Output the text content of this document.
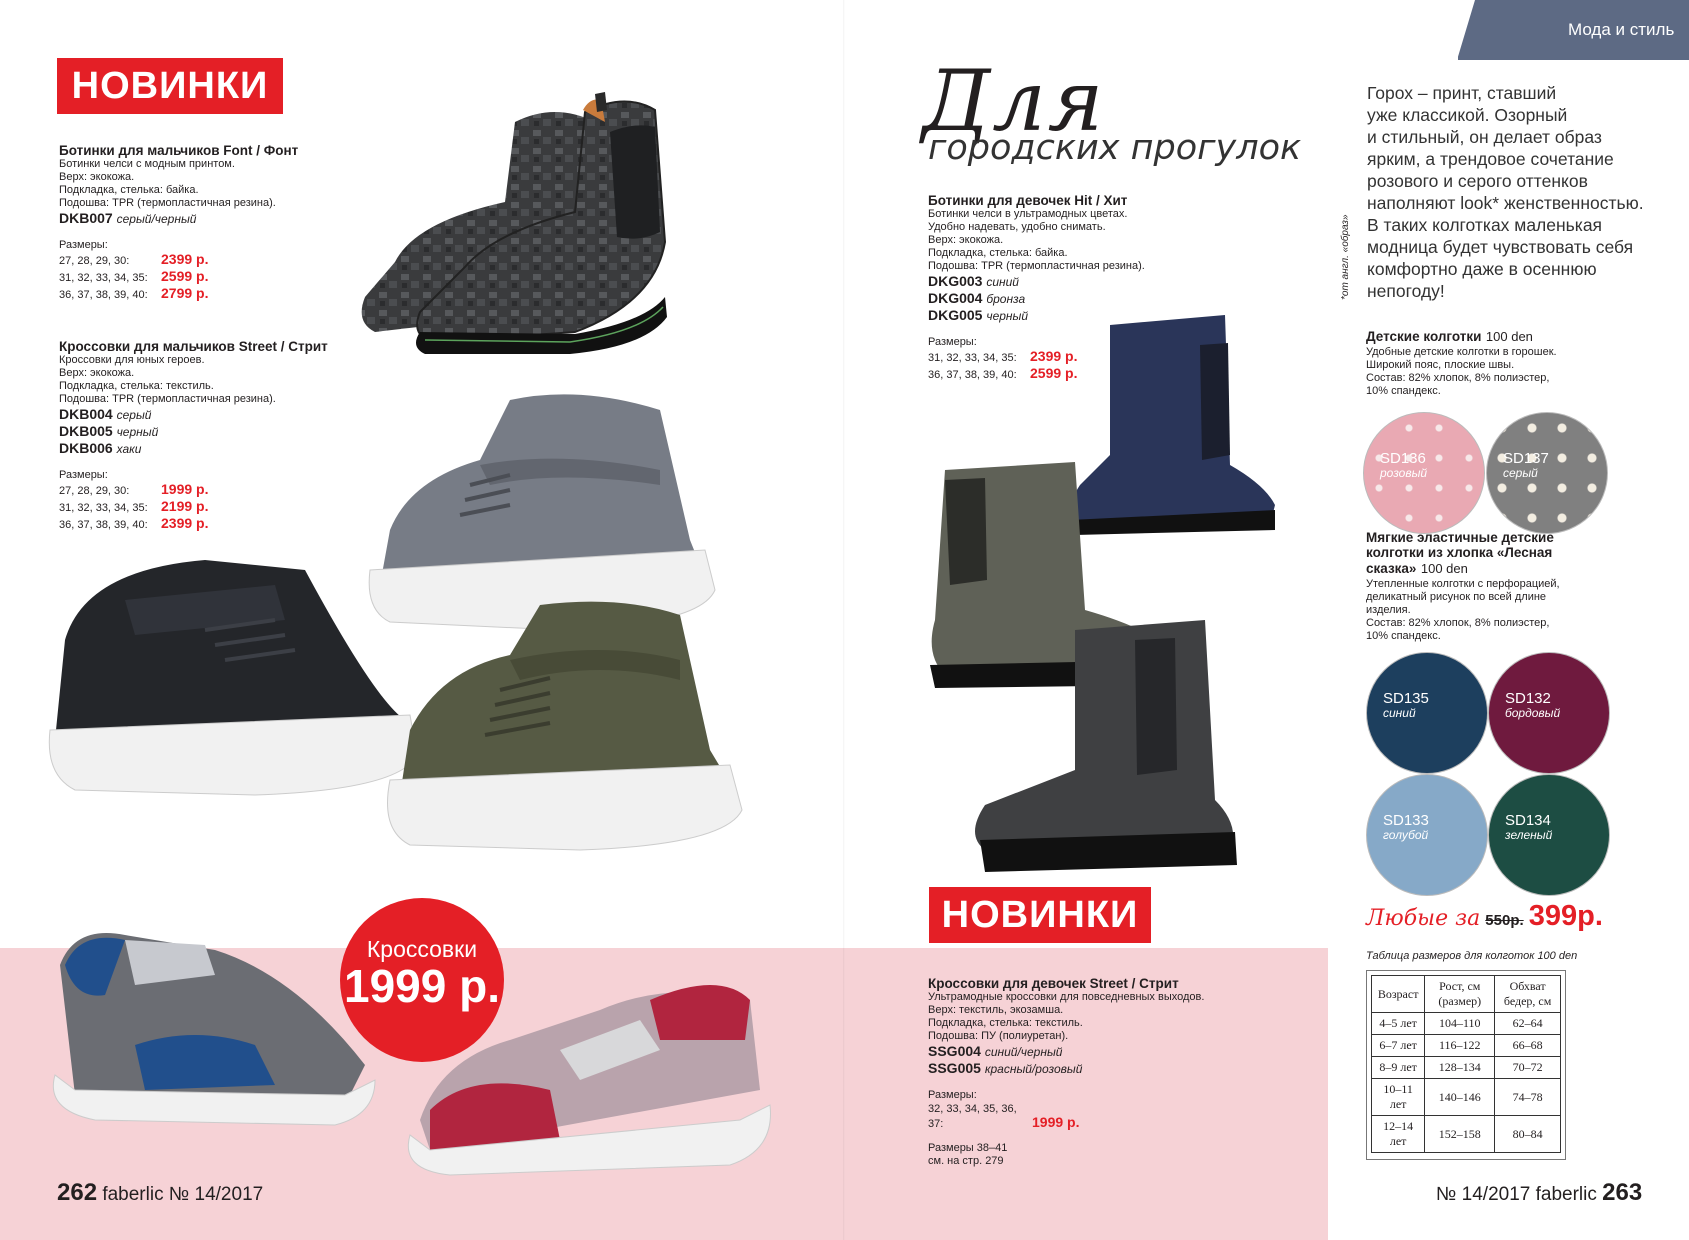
Мода и стиль
НОВИНКИ
Ботинки для мальчиков Font / Фонт
Ботинки челси с модным принтом.
Верх: экокожа.
Подкладка, стелька: байка.
Подошва: TPR (термопластичная резина).
DKB007 серый/черный
Размеры:
27, 28, 29, 30: 2399 р.
31, 32, 33, 34, 35: 2599 р.
36, 37, 38, 39, 40: 2799 р.
Кроссовки для мальчиков Street / Стрит
Кроссовки для юных героев.
Верх: экокожа.
Подкладка, стелька: текстиль.
Подошва: TPR (термопластичная резина).
DKB004 серый
DKB005 черный
DKB006 хаки
Размеры:
27, 28, 29, 30: 1999 р.
31, 32, 33, 34, 35: 2199 р.
36, 37, 38, 39, 40: 2399 р.
Кроссовки
1999 р.
262 faberlic № 14/2017
Для
городских прогулок
Ботинки для девочек Hit / Хит
Ботинки челси в ультрамодных цветах.
Удобно надевать, удобно снимать.
Верх: экокожа.
Подкладка, стелька: байка.
Подошва: TPR (термопластичная резина).
DKG003 синий
DKG004 бронза
DKG005 черный
Размеры:
31, 32, 33, 34, 35: 2399 р.
36, 37, 38, 39, 40: 2599 р.
НОВИНКИ
Кроссовки для девочек Street / Стрит
Ультрамодные кроссовки для повседневных выходов.
Верх: текстиль, экозамша.
Подкладка, стелька: текстиль.
Подошва: ПУ (полиуретан).
SSG004 синий/черный
SSG005 красный/розовый
Размеры:
32, 33, 34, 35, 36, 37:	1999 р.
Размеры 38–41
см. на стр. 279
Горох – принт, ставший
уже классикой. Озорный
и стильный, он делает образ
ярким, а трендовое сочетание
розового и серого оттенков
наполняют look* женственностью.
В таких колготках маленькая
модница будет чувствовать себя
комфортно даже в осеннюю
непогоду!
*от англ. «образ»
Детские колготки 100 den
Удобные детские колготки в горошек.
Широкий пояс, плоские швы.
Состав: 82% хлопок, 8% полиэстер,
10% спандекс.
SD136
розовый
SD137
серый
Мягкие эластичные детские
колготки из хлопка «Лесная
сказка» 100 den
Утепленные колготки с перфорацией,
деликатный рисунок по всей длине
изделия.
Состав: 82% хлопок, 8% полиэстер,
10% спандекс.
SD135
синий
SD132
бордовый
SD133
голубой
SD134
зеленый
Любые за 550р. 399р.
Таблица размеров для колготок 100 den
Возраст	Рост, см (размер)	Обхват бедер, см
4–5 лет	104–110	62–64
6–7 лет	116–122	66–68
8–9 лет	128–134	70–72
10–11 лет	140–146	74–78
12–14 лет	152–158	80–84
№ 14/2017 faberlic 263
